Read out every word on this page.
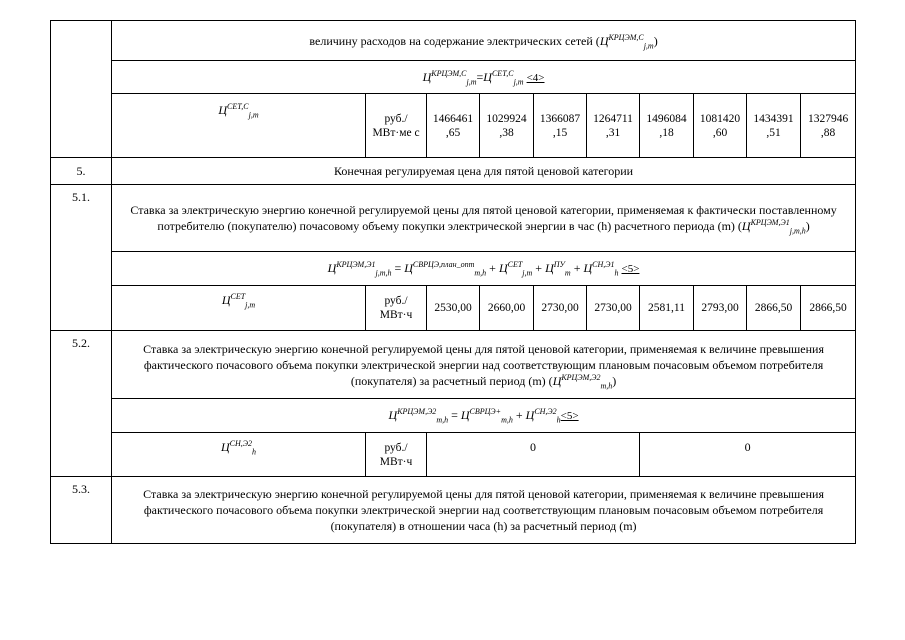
	величину расходов на содержание электрических сетей $(Ц^{КРЦЭМ,С}_{j,m})$									
	$Ц^{КРЦЭМ,С}_{j,m}=Ц^{СЕТ,С}_{j,m} <4>$									
	$Ц^{СЕТ,С}_{j,m}$	руб./ МВт·ме с	1466461 ,65	1029924 ,38	1366087 ,15	1264711 ,31	1496084 ,18	1081420 ,60	1434391 ,51	1327946 ,88
5.	Конечная регулируемая цена для пятой ценовой категории									
5.1.	Ставка за электрическую энергию конечной регулируемой цены для пятой ценовой категории, применяемая к фактически поставленному потребителю (покупателю) почасовому объему покупки электрической энергии в час (h) расчетного периода (m) $(Ц^{КРЦЭМ,Э1}_{j,m,h})$									
	$Ц^{КРЦЭМ,Э1}_{j,m,h} = Ц^{СВРЦЭ,план\_опт}_{m,h} + Ц^{СЕТ}_{j,m} + Ц^{ПУ}_m + Ц^{СН,Э1}_h <5>$									
	$Ц^{СЕТ}_{j,m}$	руб./ МВт·ч	2530,00	2660,00	2730,00	2730,00	2581,11	2793,00	2866,50	2866,50
5.2.	Ставка за электрическую энергию конечной регулируемой цены для пятой ценовой категории, применяемая к величине превышения фактического почасового объема покупки электрической энергии над соответствующим плановым почасовым объемом потребителя (покупателя) за расчетный период (m) $(Ц^{КРЦЭМ,Э2}_{m,h})$									
	$Ц^{КРЦЭМ,Э2}_{m,h} = Ц^{СВРЦЭ+}_{m,h} + Ц^{СН,Э2}_h<5>$									
	$Ц^{СН,Э2}_h$	руб./ МВт·ч	0				0			
5.3.	Ставка за электрическую энергию конечной регулируемой цены для пятой ценовой категории, применяемая к величине превышения фактического почасового объема покупки электрической энергии над соответствующим плановым почасовым объемом потребителя (покупателя) в отношении часа (h) за расчетный период (m)									
